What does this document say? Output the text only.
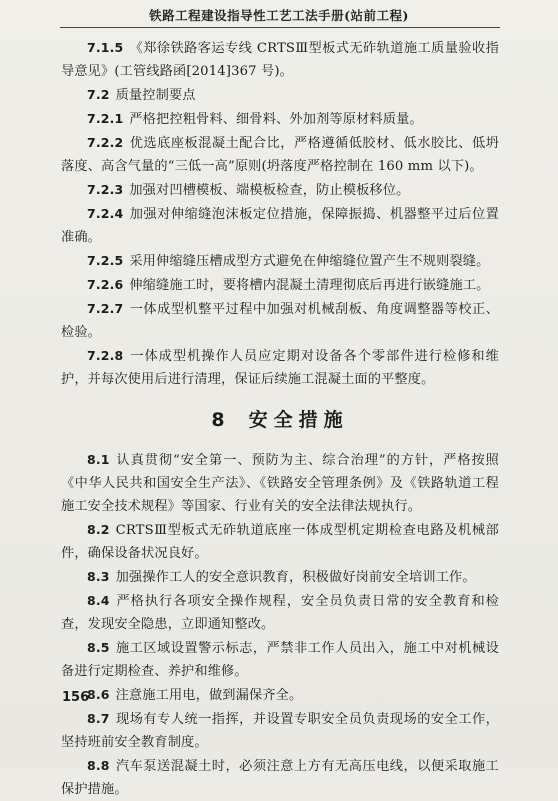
铁路工程建设指导性工艺工法手册(站前工程)

7.1.5 《郑徐铁路客运专线 CRTSⅢ型板式无砟轨道施工质量验收指导意见》(工管线路函[2014]367 号)。

7.2 质量控制要点

7.2.1 严格把控粗骨料、细骨料、外加剂等原材料质量。

7.2.2 优选底座板混凝土配合比，严格遵循低胶材、低水胶比、低坍落度、高含气量的“三低一高”原则(坍落度严格控制在 160 mm 以下)。

7.2.3 加强对凹槽模板、端模板检查，防止模板移位。

7.2.4 加强对伸缩缝泡沫板定位措施，保障振捣、机器整平过后位置准确。

7.2.5 采用伸缩缝压槽成型方式避免在伸缩缝位置产生不规则裂缝。

7.2.6 伸缩缝施工时，要将槽内混凝土清理彻底后再进行嵌缝施工。

7.2.7 一体成型机整平过程中加强对机械刮板、角度调整器等校正、检验。

7.2.8 一体成型机操作人员应定期对设备各个零部件进行检修和维护，并每次使用后进行清理，保证后续施工混凝土面的平整度。

8 安全措施

8.1 认真贯彻“安全第一、预防为主、综合治理”的方针，严格按照《中华人民共和国安全生产法》、《铁路安全管理条例》及《铁路轨道工程施工安全技术规程》等国家、行业有关的安全法律法规执行。

8.2 CRTSⅢ型板式无砟轨道底座一体成型机定期检查电路及机械部件，确保设备状况良好。

8.3 加强操作工人的安全意识教育，积极做好岗前安全培训工作。

8.4 严格执行各项安全操作规程，安全员负责日常的安全教育和检查，发现安全隐患，立即通知整改。

8.5 施工区域设置警示标志，严禁非工作人员出入，施工中对机械设备进行定期检查、养护和维修。

8.6 注意施工用电，做到漏保齐全。

8.7 现场有专人统一指挥，并设置专职安全员负责现场的安全工作，坚持班前安全教育制度。

8.8 汽车泵送混凝土时，必须注意上方有无高压电线，以便采取施工保护措施。

156
